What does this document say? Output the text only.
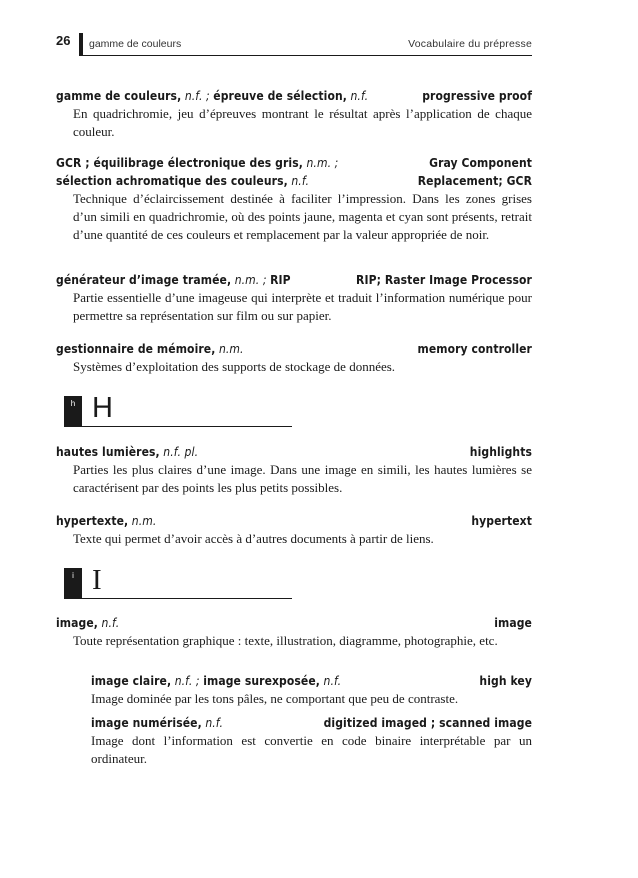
26 gamme de couleurs	Vocabulaire du prépresse
gamme de couleurs, n.f. ; épreuve de sélection, n.f.	progressive proof
En quadrichromie, jeu d’épreuves montrant le résultat après l’application de chaque couleur.
GCR ; équilibrage électronique des gris, n.m. ;	Gray Component
sélection achromatique des couleurs, n.f.	Replacement; GCR
Technique d’éclaircissement destinée à faciliter l’impression. Dans les zones grises d’un simili en quadrichromie, où des points jaune, magenta et cyan sont présents, retrait d’une quantité de ces couleurs et remplacement par la valeur appropriée de noir.
générateur d’image tramée, n.m. ; RIP	RIP; Raster Image Processor
Partie essentielle d’une imageuse qui interprète et traduit l’information numérique pour permettre sa représentation sur film ou sur papier.
gestionnaire de mémoire, n.m.	memory controller
Systèmes d’exploitation des supports de stockage de données.
h H
hautes lumières, n.f. pl.	highlights
Parties les plus claires d’une image. Dans une image en simili, les hautes lumières se caractérisent par des points les plus petits possibles.
hypertexte, n.m.	hypertext
Texte qui permet d’avoir accès à d’autres documents à partir de liens.
i I
image, n.f.	image
Toute représentation graphique : texte, illustration, diagramme, photographie, etc.
image claire, n.f. ; image surexposée, n.f.	high key
Image dominée par les tons pâles, ne comportant que peu de contraste.
image numérisée, n.f.	digitized imaged ; scanned image
Image dont l’information est convertie en code binaire interprétable par un ordinateur.
